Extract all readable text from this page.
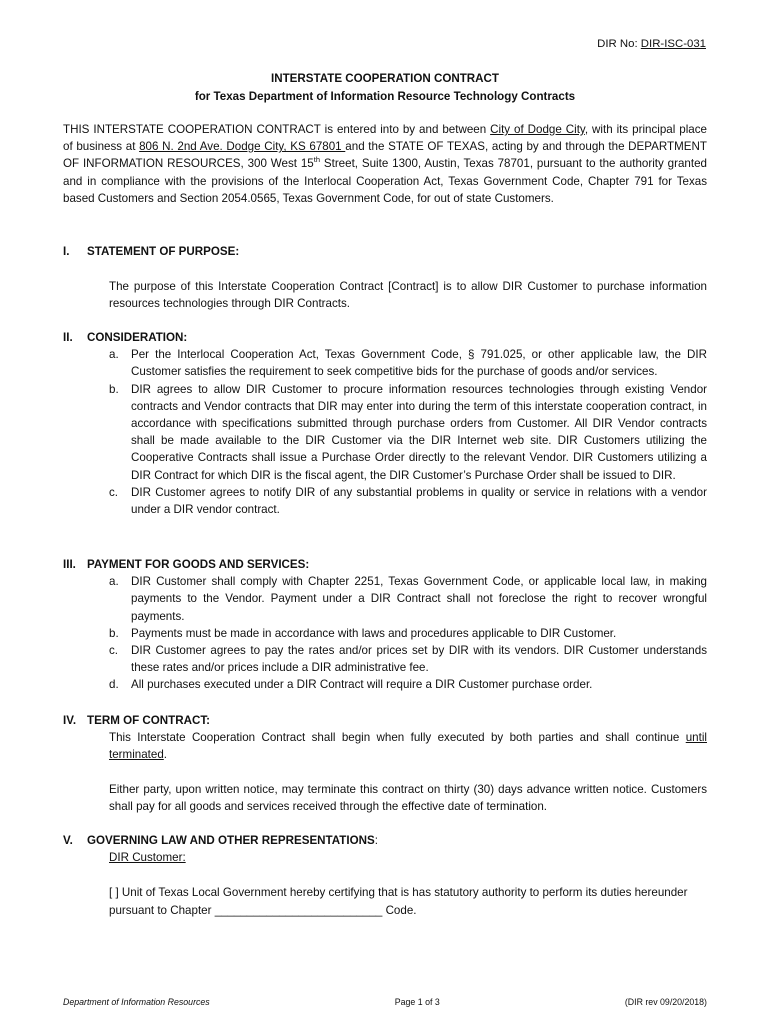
DIR No: DIR-ISC-031
INTERSTATE COOPERATION CONTRACT
for Texas Department of Information Resource Technology Contracts
THIS INTERSTATE COOPERATION CONTRACT is entered into by and between City of Dodge City, with its principal place of business at 806 N. 2nd Ave. Dodge City, KS 67801 and the STATE OF TEXAS, acting by and through the DEPARTMENT OF INFORMATION RESOURCES, 300 West 15th Street, Suite 1300, Austin, Texas 78701, pursuant to the authority granted and in compliance with the provisions of the Interlocal Cooperation Act, Texas Government Code, Chapter 791 for Texas based Customers and Section 2054.0565, Texas Government Code, for out of state Customers.
I.	STATEMENT OF PURPOSE:
The purpose of this Interstate Cooperation Contract [Contract] is to allow DIR Customer to purchase information resources technologies through DIR Contracts.
II.	CONSIDERATION:
a.	Per the Interlocal Cooperation Act, Texas Government Code, § 791.025, or other applicable law, the DIR Customer satisfies the requirement to seek competitive bids for the purchase of goods and/or services.
b.	DIR agrees to allow DIR Customer to procure information resources technologies through existing Vendor contracts and Vendor contracts that DIR may enter into during the term of this interstate cooperation contract, in accordance with specifications submitted through purchase orders from Customer. All DIR Vendor contracts shall be made available to the DIR Customer via the DIR Internet web site. DIR Customers utilizing the Cooperative Contracts shall issue a Purchase Order directly to the relevant Vendor. DIR Customers utilizing a DIR Contract for which DIR is the fiscal agent, the DIR Customer’s Purchase Order shall be issued to DIR.
c.	DIR Customer agrees to notify DIR of any substantial problems in quality or service in relations with a vendor under a DIR vendor contract.
III. PAYMENT FOR GOODS AND SERVICES:
a.	DIR Customer shall comply with Chapter 2251, Texas Government Code, or applicable local law, in making payments to the Vendor. Payment under a DIR Contract shall not foreclose the right to recover wrongful payments.
b.	Payments must be made in accordance with laws and procedures applicable to DIR Customer.
c.	DIR Customer agrees to pay the rates and/or prices set by DIR with its vendors. DIR Customer understands these rates and/or prices include a DIR administrative fee.
d.	All purchases executed under a DIR Contract will require a DIR Customer purchase order.
IV. TERM OF CONTRACT:
This Interstate Cooperation Contract shall begin when fully executed by both parties and shall continue until terminated.
Either party, upon written notice, may terminate this contract on thirty (30) days advance written notice. Customers shall pay for all goods and services received through the effective date of termination.
V.	GOVERNING LAW AND OTHER REPRESENTATIONS:
DIR Customer:
[ ] Unit of Texas Local Government hereby certifying that is has statutory authority to perform its duties hereunder pursuant to Chapter __________________________ Code.
Department of Information Resources	Page 1 of 3	(DIR rev 09/20/2018)
